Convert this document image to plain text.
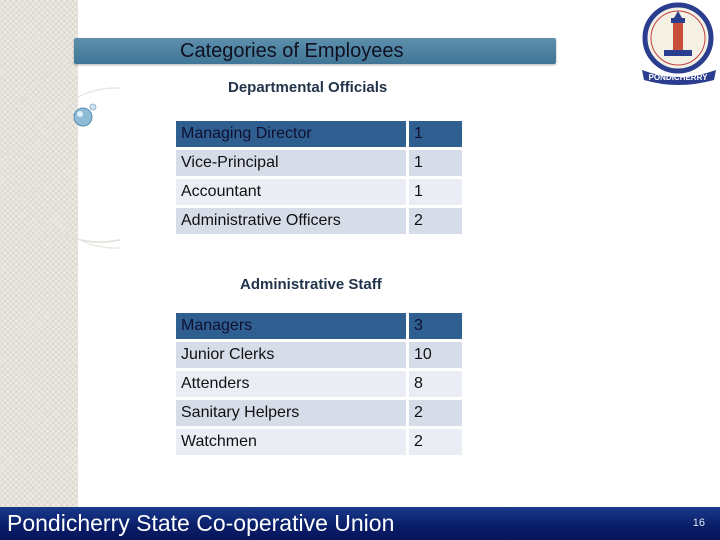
Categories of Employees
PONDICHERRY
Departmental Officials
Managing Director	1
Vice-Principal	1
Accountant	1
Administrative Officers	2
Administrative Staff
Managers	3
Junior Clerks	10
Attenders	8
Sanitary Helpers	2
Watchmen	2
Pondicherry State Co-operative Union	16
